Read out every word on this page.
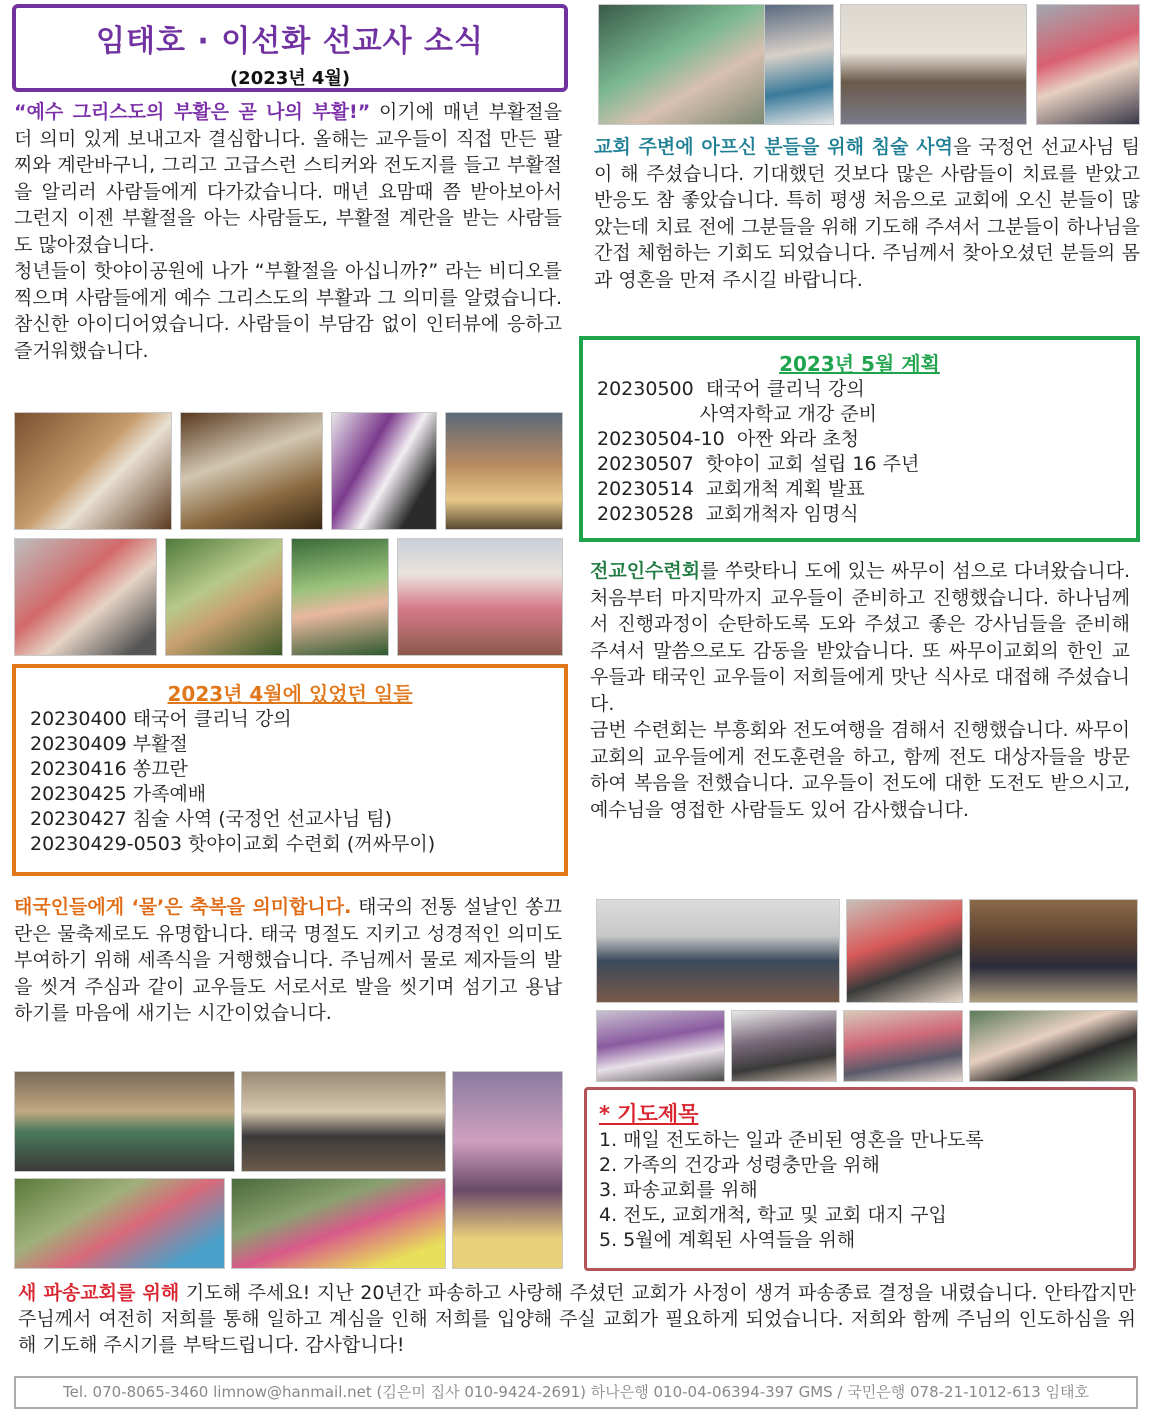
임태호 · 이선화 선교사 소식
(2023년 4월)
“예수 그리스도의 부활은 곧 나의 부활!” 이기에 매년 부활절을 더 의미 있게 보내고자 결심합니다. 올해는 교우들이 직접 만든 팔찌와 계란바구니, 그리고 고급스런 스티커와 전도지를 들고 부활절을 알리러 사람들에게 다가갔습니다. 매년 요맘때 쯤 받아보아서 그런지 이젠 부활절을 아는 사람들도, 부활절 계란을 받는 사람들도 많아졌습니다.
청년들이 핫야이공원에 나가 “부활절을 아십니까?” 라는 비디오를 찍으며 사람들에게 예수 그리스도의 부활과 그 의미를 알렸습니다. 참신한 아이디어였습니다. 사람들이 부담감 없이 인터뷰에 응하고 즐거워했습니다.
2023년 4월에 있었던 일들
20230400 태국어 클리닉 강의
20230409 부활절
20230416 쏭끄란
20230425 가족예배
20230427 침술 사역 (국정언 선교사님 팀)
20230429-0503 핫야이교회 수련회 (꺼싸무이)
태국인들에게 ‘물’은 축복을 의미합니다. 태국의 전통 설날인 쏭끄란은 물축제로도 유명합니다. 태국 명절도 지키고 성경적인 의미도 부여하기 위해 세족식을 거행했습니다. 주님께서 물로 제자들의 발을 씻겨 주심과 같이 교우들도 서로서로 발을 씻기며 섬기고 용납하기를 마음에 새기는 시간이었습니다.
교회 주변에 아프신 분들을 위해 침술 사역을 국정언 선교사님 팀이 해 주셨습니다. 기대했던 것보다 많은 사람들이 치료를 받았고 반응도 참 좋았습니다. 특히 평생 처음으로 교회에 오신 분들이 많았는데 치료 전에 그분들을 위해 기도해 주셔서 그분들이 하나님을 간접 체험하는 기회도 되었습니다. 주님께서 찾아오셨던 분들의 몸과 영혼을 만져 주시길 바랍니다.
2023년 5월 계획
20230500  태국어 클리닉 강의
사역자학교 개강 준비
20230504-10  아짠 와라 초청
20230507  핫야이 교회 설립 16 주년
20230514  교회개척 계획 발표
20230528  교회개척자 임명식
전교인수련회를 쑤랏타니 도에 있는 싸무이 섬으로 다녀왔습니다. 처음부터 마지막까지 교우들이 준비하고 진행했습니다. 하나님께서 진행과정이 순탄하도록 도와 주셨고 좋은 강사님들을 준비해 주셔서 말씀으로도 감동을 받았습니다. 또 싸무이교회의 한인 교우들과 태국인 교우들이 저희들에게 맛난 식사로 대접해 주셨습니다.
금번 수련회는 부흥회와 전도여행을 겸해서 진행했습니다. 싸무이 교회의 교우들에게 전도훈련을 하고, 함께 전도 대상자들을 방문하여 복음을 전했습니다. 교우들이 전도에 대한 도전도 받으시고, 예수님을 영접한 사람들도 있어 감사했습니다.
* 기도제목
1. 매일 전도하는 일과 준비된 영혼을 만나도록
2. 가족의 건강과 성령충만을 위해
3. 파송교회를 위해
4. 전도, 교회개척, 학교 및 교회 대지 구입
5. 5월에 계획된 사역들을 위해
새 파송교회를 위해 기도해 주세요! 지난 20년간 파송하고 사랑해 주셨던 교회가 사정이 생겨 파송종료 결정을 내렸습니다. 안타깝지만 주님께서 여전히 저희를 통해 일하고 계심을 인해 저희를 입양해 주실 교회가 필요하게 되었습니다. 저희와 함께 주님의 인도하심을 위해 기도해 주시기를 부탁드립니다. 감사합니다!
Tel. 070-8065-3460 limnow@hanmail.net (김은미 집사 010-9424-2691) 하나은행 010-04-06394-397 GMS / 국민은행 078-21-1012-613 임태호
